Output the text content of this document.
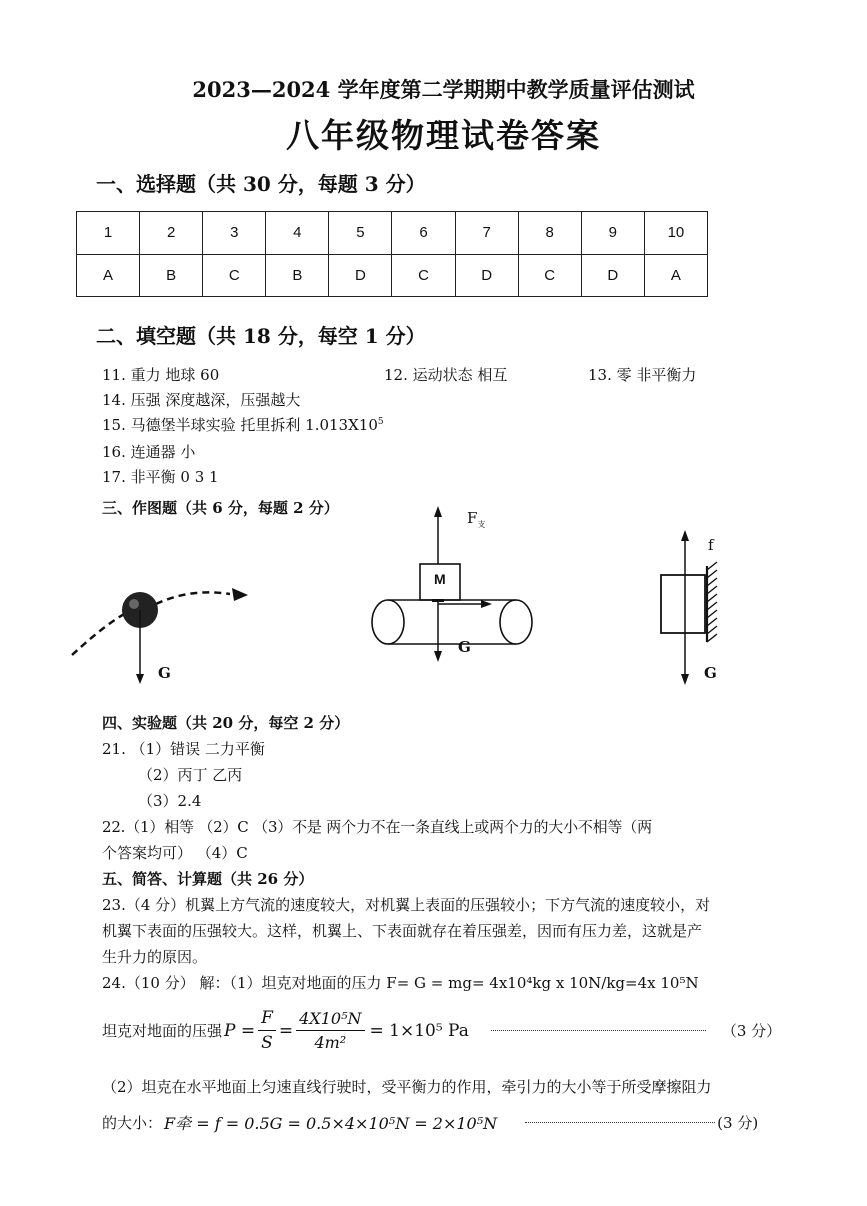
2023—2024 学年度第二学期期中教学质量评估测试
八年级物理试卷答案
一、选择题（共 30 分，每题 3 分）
1	2	3	4	5	6	7	8	9	10
A	B	C	B	D	C	D	C	D	A
二、填空题（共 18 分，每空 1 分）
11. 重力 地球 60	12. 运动状态 相互	13. 零 非平衡力
14. 压强 深度越深，压强越大
15. 马德堡半球实验 托里拆利 $1.013X10^5$
16. 连通器 小
17. 非平衡 0 3 1
三、作图题（共 6 分，每题 2 分）
G
M
$F_支$
G
f
G
四、实验题（共 20 分，每空 2 分）
21. （1）错误 二力平衡
（2）丙丁 乙丙
（3）2.4
22.（1）相等 （2）C （3）不是 两个力不在一条直线上或两个力的大小不相等（两
个答案均可） （4）C
五、简答、计算题（共 26 分）
23.（4 分）机翼上方气流的速度较大，对机翼上表面的压强较小；下方气流的速度较小，对
机翼下表面的压强较大。这样，机翼上、下表面就存在着压强差，因而有压力差，这就是产
生升力的原因。
24.（10 分） 解：（1）坦克对地面的压力 F= G = mg= 4x10⁴kg x 10N/kg=4x 10⁵N
坦克对地面的压强 $P = \frac{F}{S} = \frac{\text{4X10⁵N}}{\text{4m²}} = 1\times 10^5$ Pa	（3 分）
（2）坦克在水平地面上匀速直线行驶时，受平衡力的作用，牵引力的大小等于所受摩擦阻力
的大小： F牵 = f = 0.5G = 0.5×4×10⁵N = 2×10⁵N	(3 分)
